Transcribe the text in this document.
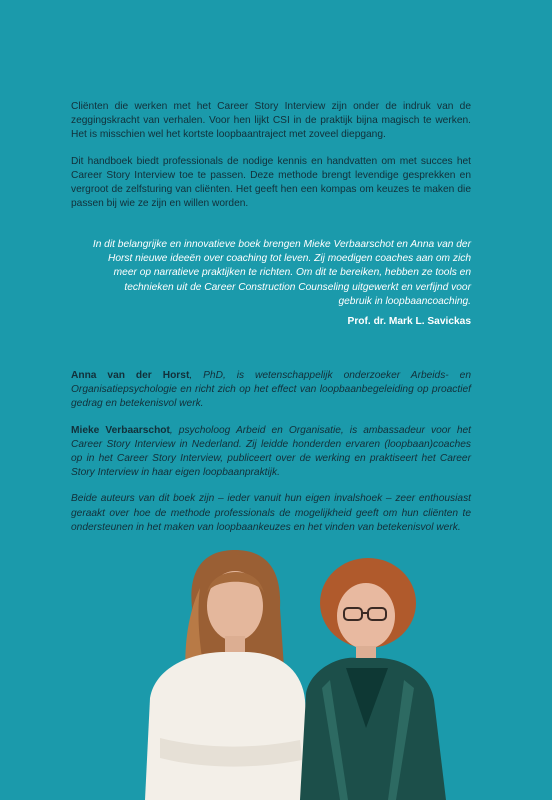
Cliënten die werken met het Career Story Interview zijn onder de indruk van de zeggingskracht van verhalen. Voor hen lijkt CSI in de praktijk bijna magisch te werken. Het is misschien wel het kortste loopbaantraject met zoveel diepgang.

Dit handboek biedt professionals de nodige kennis en handvatten om met succes het Career Story Interview toe te passen. Deze methode brengt levendige gesprekken en vergroot de zelfsturing van cliënten. Het geeft hen een kompas om keuzes te maken die passen bij wie ze zijn en willen worden.

In dit belangrijke en innovatieve boek brengen Mieke Verbaarschot en Anna van der Horst nieuwe ideeën over coaching tot leven. Zij moedigen coaches aan om zich meer op narratieve praktijken te richten. Om dit te bereiken, hebben ze tools en technieken uit de Career Construction Counseling uitgewerkt en verfijnd voor gebruik in loopbaancoaching.

Prof. dr. Mark L. Savickas

Anna van der Horst, PhD, is wetenschappelijk onderzoeker Arbeids- en Organisatiepsychologie en richt zich op het effect van loopbaanbegeleiding op proactief gedrag en betekenisvol werk.

Mieke Verbaarschot, psycholoog Arbeid en Organisatie, is ambassadeur voor het Career Story Interview in Nederland. Zij leidde honderden ervaren (loopbaan)coaches op in het Career Story Interview, publiceert over de werking en praktiseert het Career Story Interview in haar eigen loopbaanpraktijk.

Beide auteurs van dit boek zijn – ieder vanuit hun eigen invalshoek – zeer enthousiast geraakt over hoe de methode professionals de mogelijkheid geeft om hun cliënten te ondersteunen in het maken van loopbaankeuzes en het vinden van betekenisvol werk.
